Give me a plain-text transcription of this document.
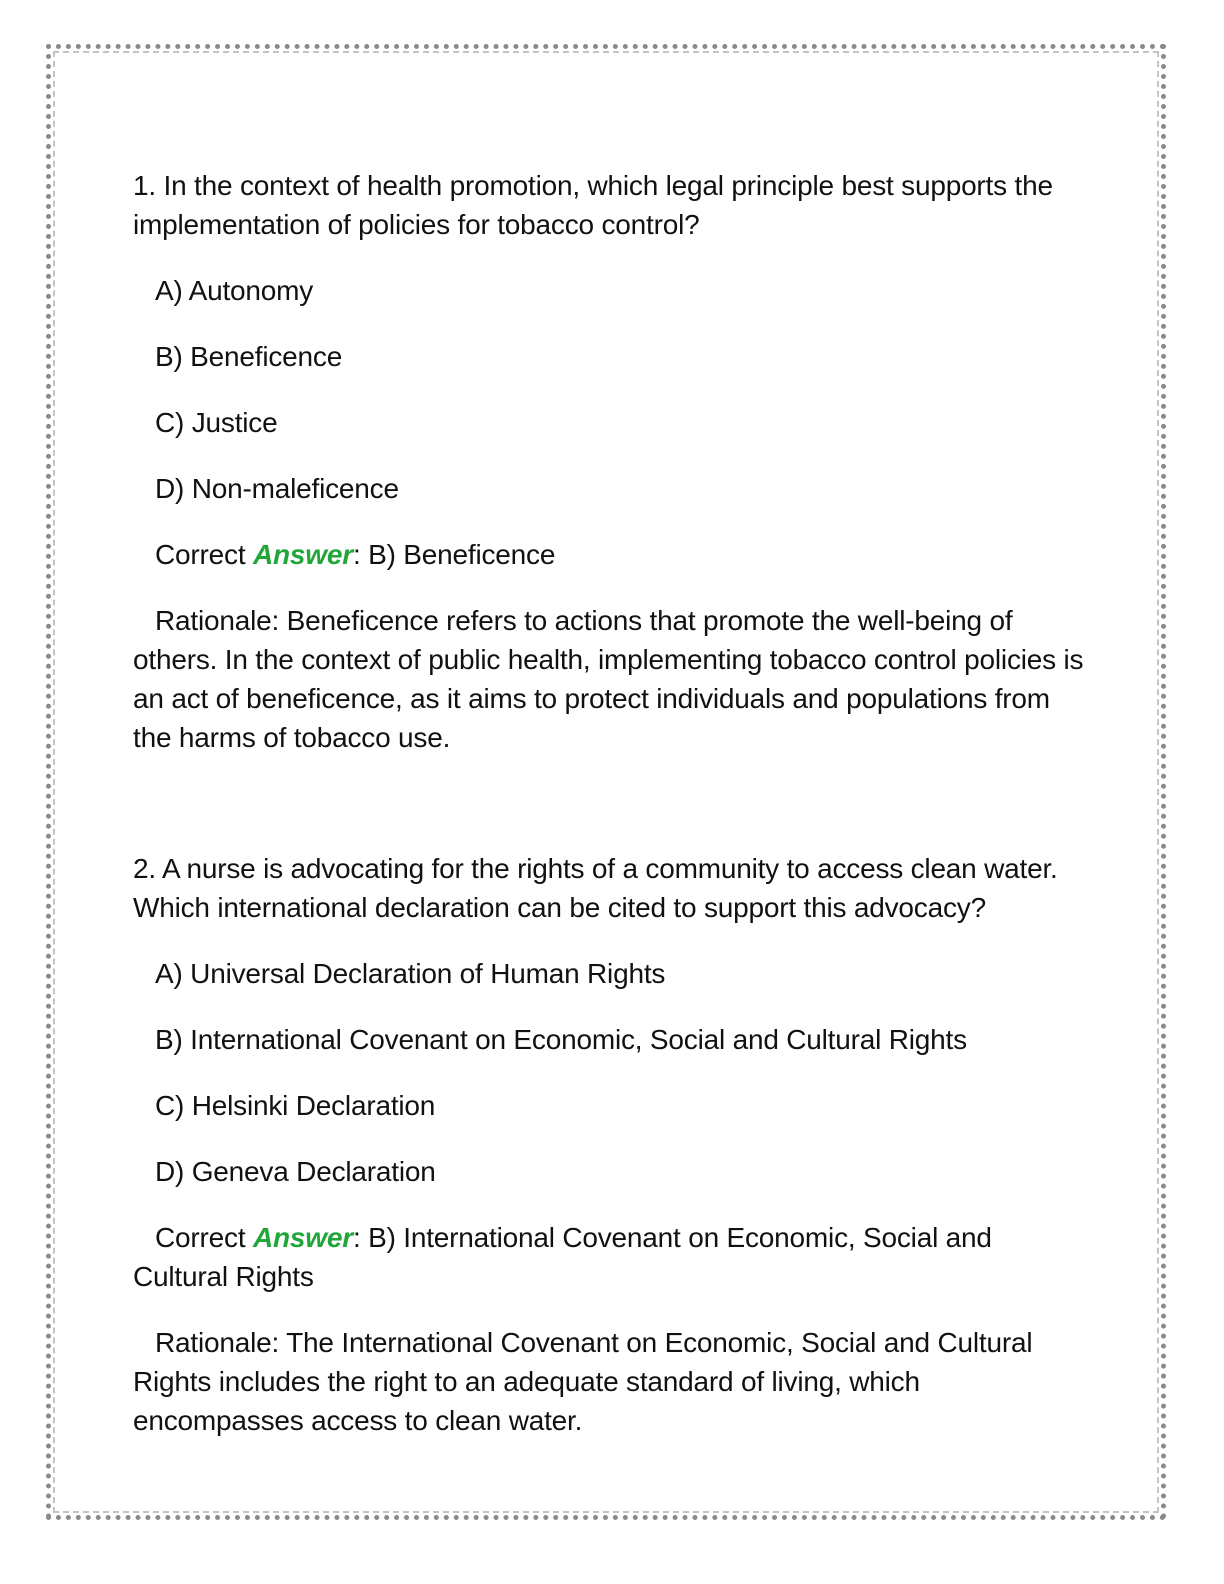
1. In the context of health promotion, which legal principle best supports the implementation of policies for tobacco control?

A) Autonomy

B) Beneficence

C) Justice

D) Non-maleficence

Correct Answer: B) Beneficence

Rationale: Beneficence refers to actions that promote the well-being of others. In the context of public health, implementing tobacco control policies is an act of beneficence, as it aims to protect individuals and populations from the harms of tobacco use.

2. A nurse is advocating for the rights of a community to access clean water. Which international declaration can be cited to support this advocacy?

A) Universal Declaration of Human Rights

B) International Covenant on Economic, Social and Cultural Rights

C) Helsinki Declaration

D) Geneva Declaration

Correct Answer: B) International Covenant on Economic, Social and Cultural Rights

Rationale: The International Covenant on Economic, Social and Cultural Rights includes the right to an adequate standard of living, which encompasses access to clean water.
